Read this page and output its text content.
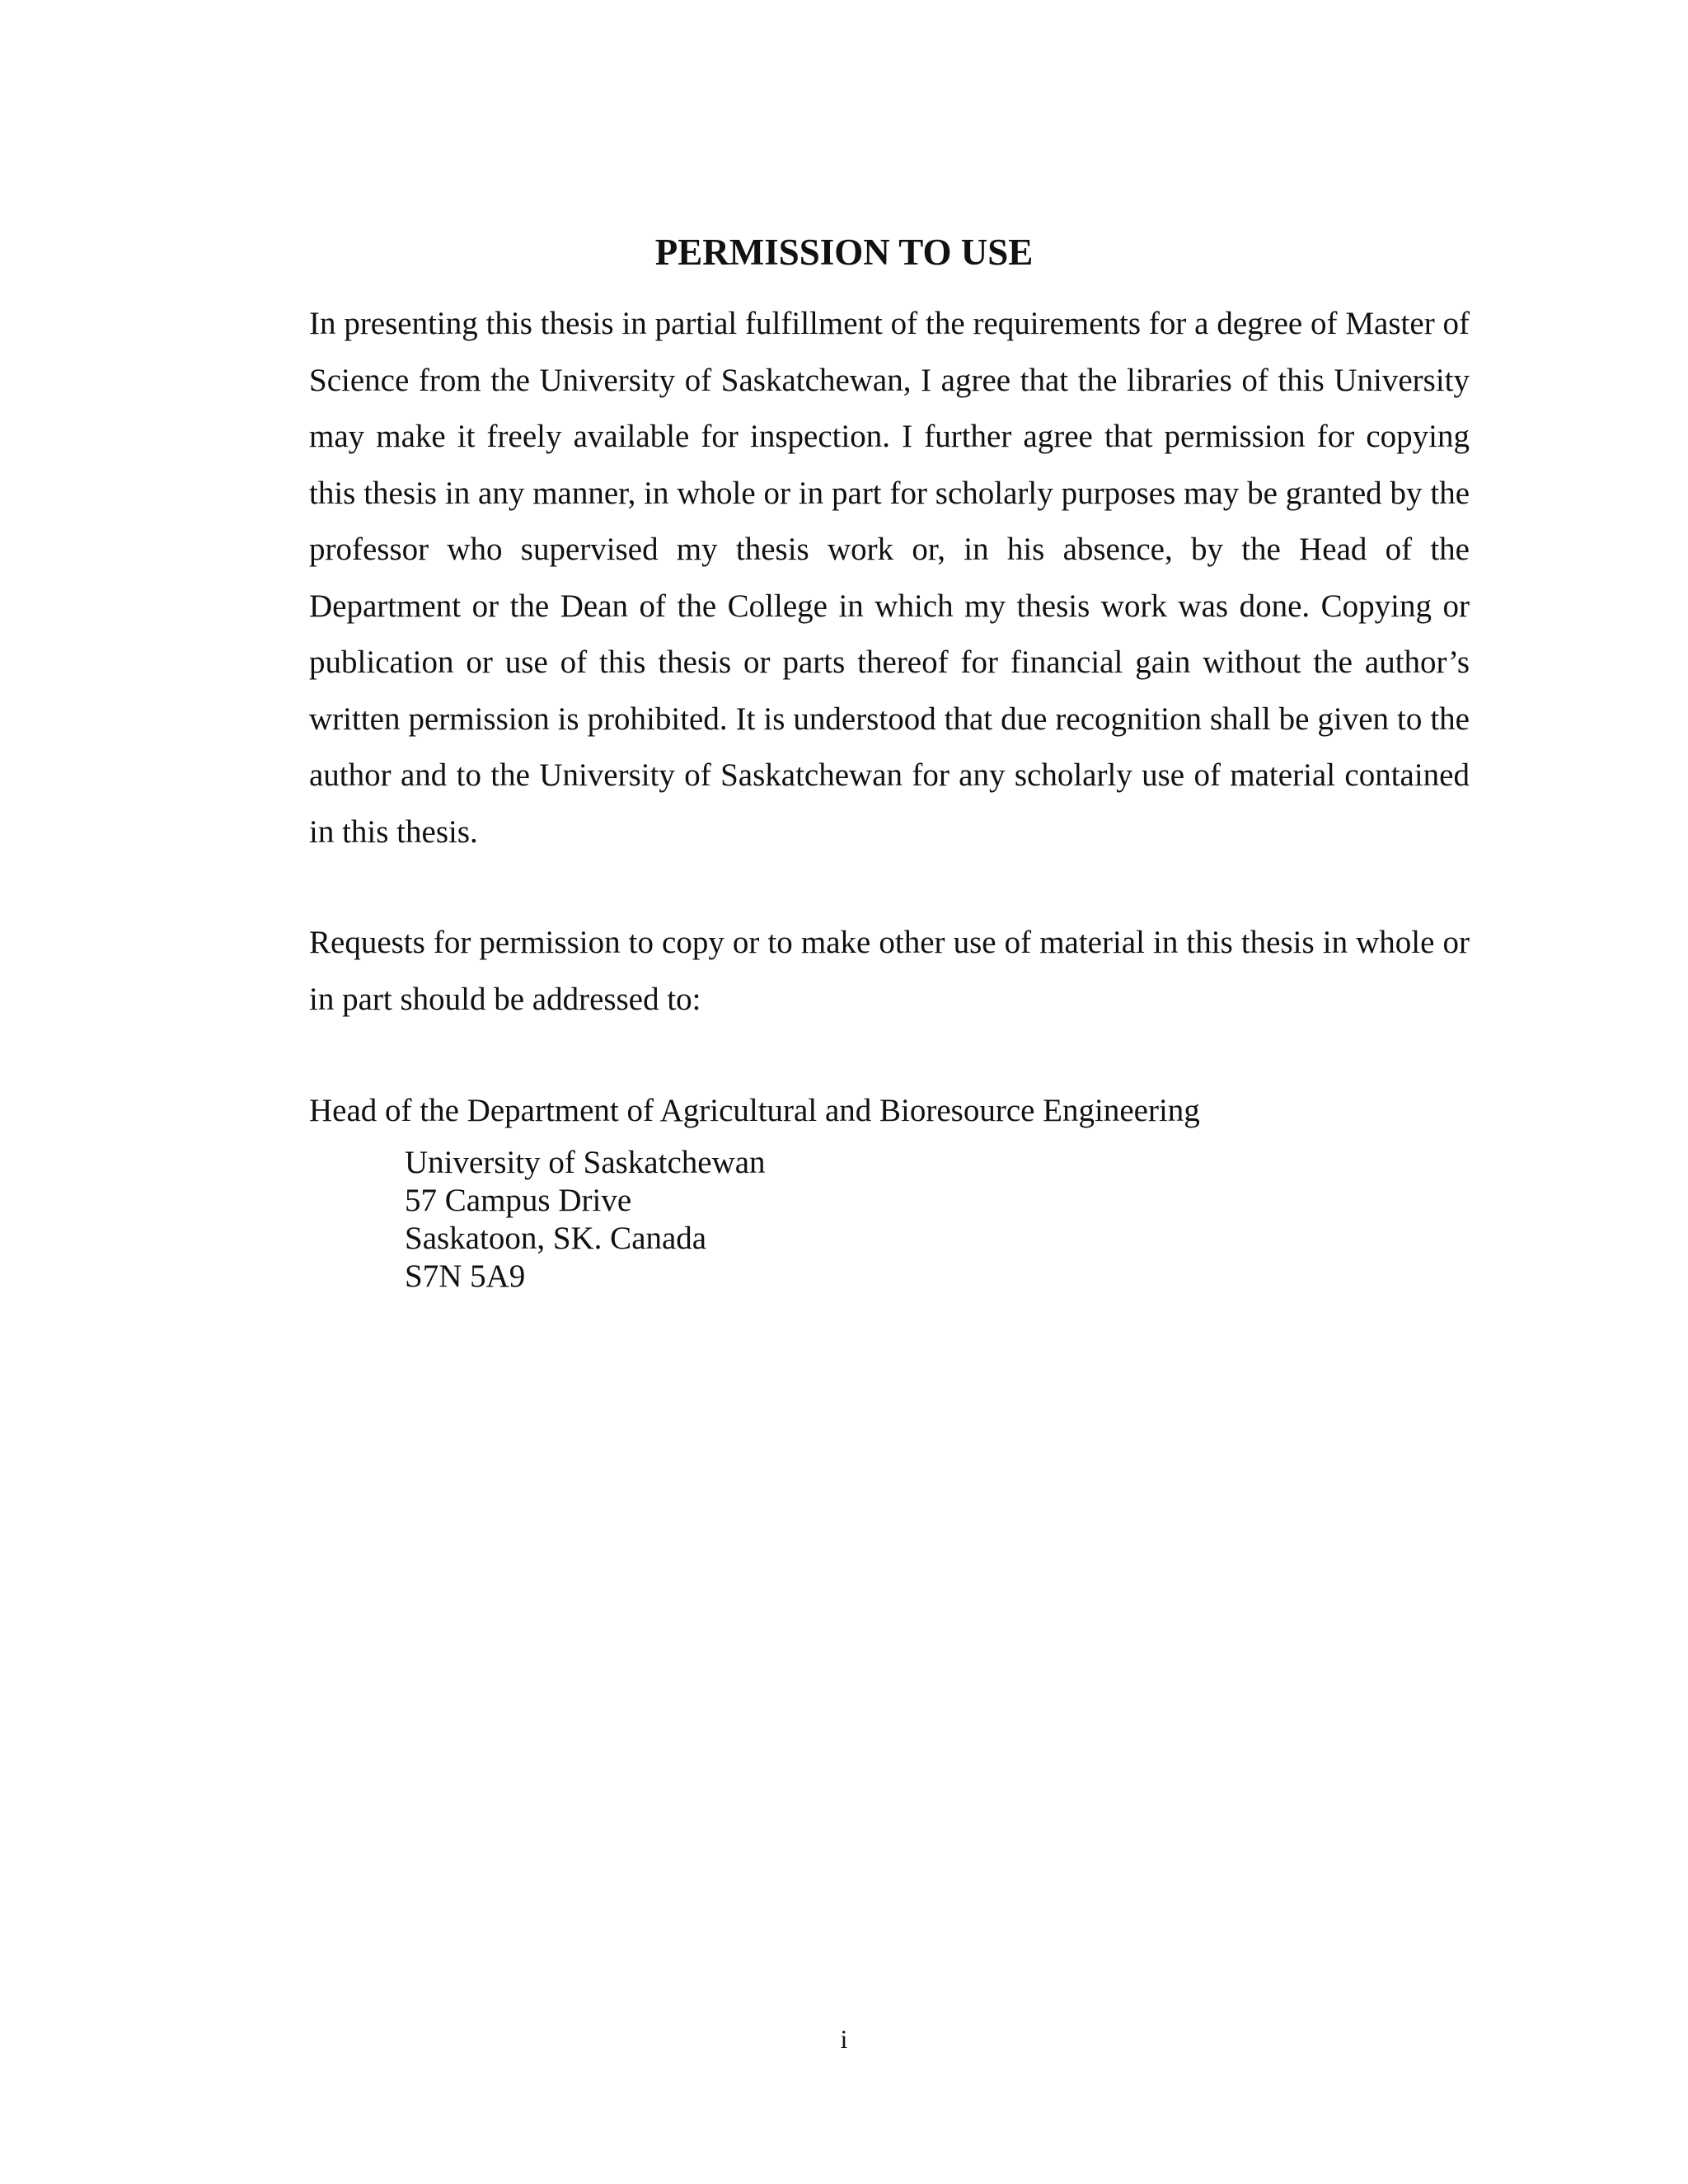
PERMISSION TO USE

In presenting this thesis in partial fulfillment of the requirements for a degree of Master of Science from the University of Saskatchewan, I agree that the libraries of this University may make it freely available for inspection. I further agree that permission for copying this thesis in any manner, in whole or in part for scholarly purposes may be granted by the professor who supervised my thesis work or, in his absence, by the Head of the Department or the Dean of the College in which my thesis work was done. Copying or publication or use of this thesis or parts thereof for financial gain without the author’s written permission is prohibited. It is understood that due recognition shall be given to the author and to the University of Saskatchewan for any scholarly use of material contained in this thesis.

Requests for permission to copy or to make other use of material in this thesis in whole or in part should be addressed to:

Head of the Department of Agricultural and Bioresource Engineering

University of Saskatchewan
57 Campus Drive
Saskatoon, SK. Canada
S7N 5A9

i
